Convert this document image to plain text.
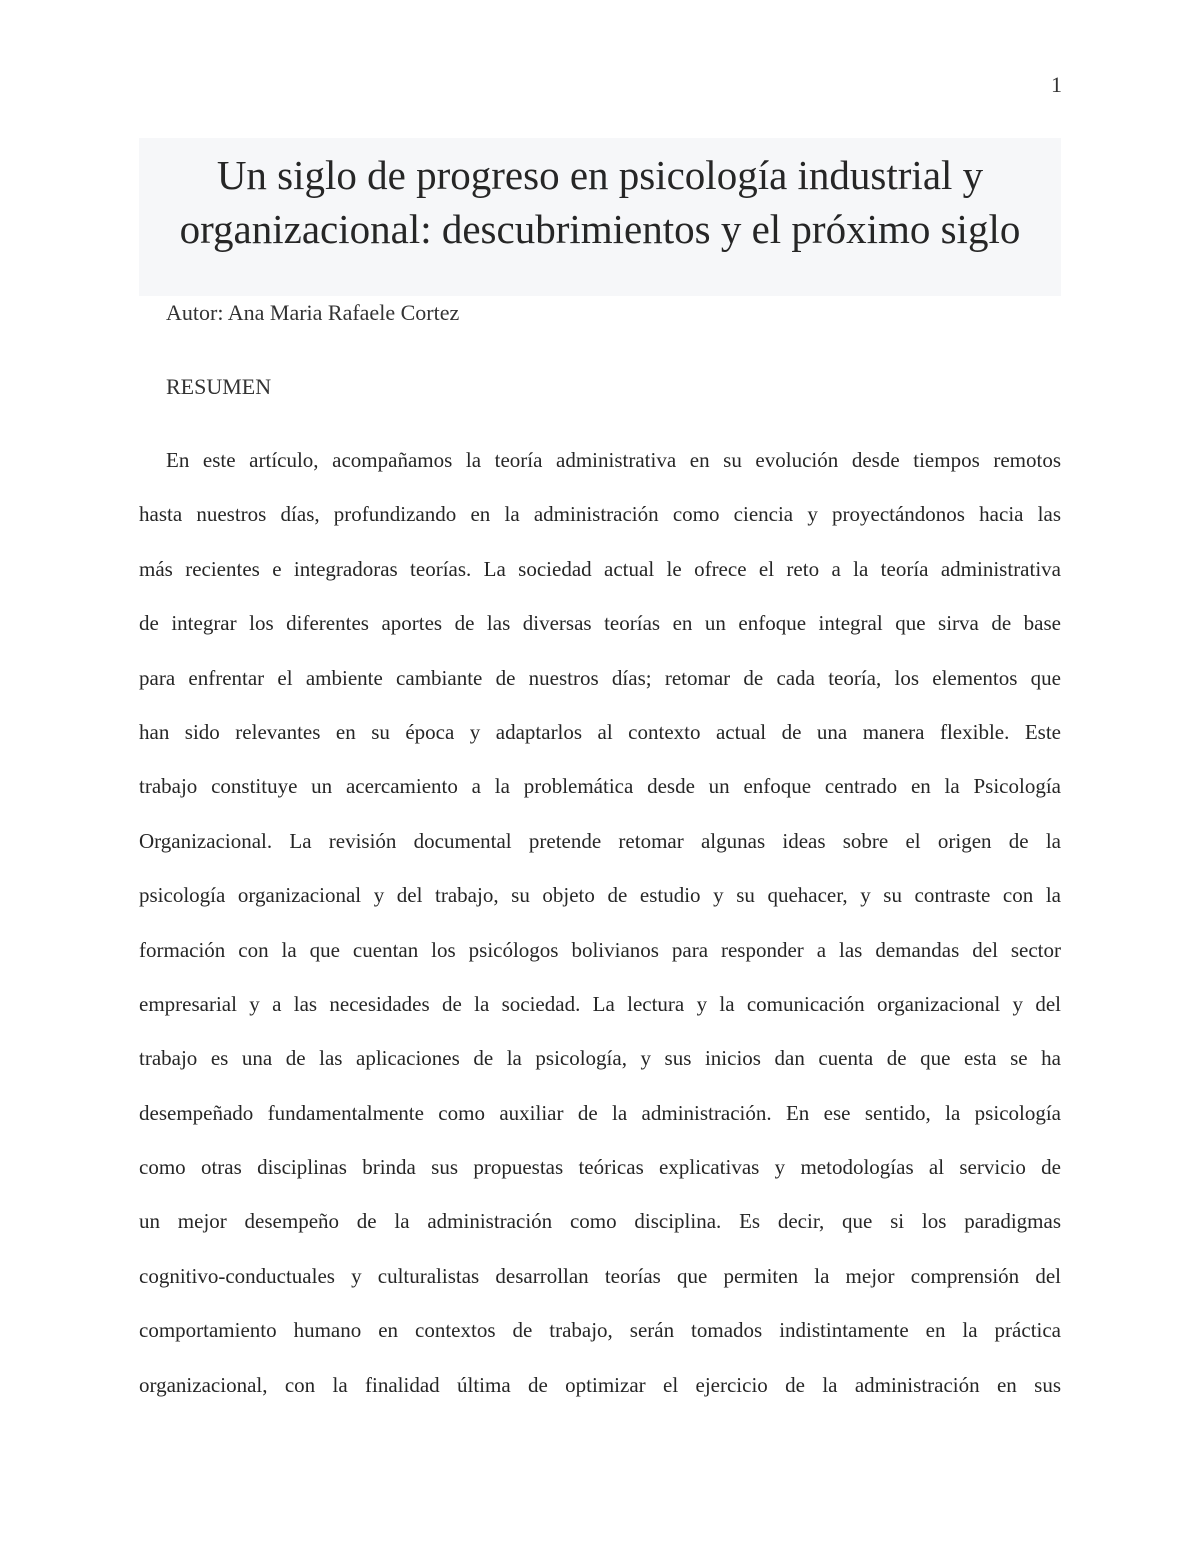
1
Un siglo de progreso en psicología industrial y
organizacional: descubrimientos y el próximo siglo
Autor: Ana Maria Rafaele Cortez
RESUMEN
En este artículo, acompañamos la teoría administrativa en su evolución desde tiempos remotos
hasta nuestros días, profundizando en la administración como ciencia y proyectándonos hacia las
más recientes e integradoras teorías. La sociedad actual le ofrece el reto a la teoría administrativa
de integrar los diferentes aportes de las diversas teorías en un enfoque integral que sirva de base
para enfrentar el ambiente cambiante de nuestros días; retomar de cada teoría, los elementos que
han sido relevantes en su época y adaptarlos al contexto actual de una manera flexible. Este
trabajo constituye un acercamiento a la problemática desde un enfoque centrado en la Psicología
Organizacional. La revisión documental pretende retomar algunas ideas sobre el origen de la
psicología organizacional y del trabajo, su objeto de estudio y su quehacer, y su contraste con la
formación con la que cuentan los psicólogos bolivianos para responder a las demandas del sector
empresarial y a las necesidades de la sociedad. La lectura y la comunicación organizacional y del
trabajo es una de las aplicaciones de la psicología, y sus inicios dan cuenta de que esta se ha
desempeñado fundamentalmente como auxiliar de la administración. En ese sentido, la psicología
como otras disciplinas brinda sus propuestas teóricas explicativas y metodologías al servicio de
un mejor desempeño de la administración como disciplina. Es decir, que si los paradigmas
cognitivo-conductuales y culturalistas desarrollan teorías que permiten la mejor comprensión del
comportamiento humano en contextos de trabajo, serán tomados indistintamente en la práctica
organizacional, con la finalidad última de optimizar el ejercicio de la administración en sus
